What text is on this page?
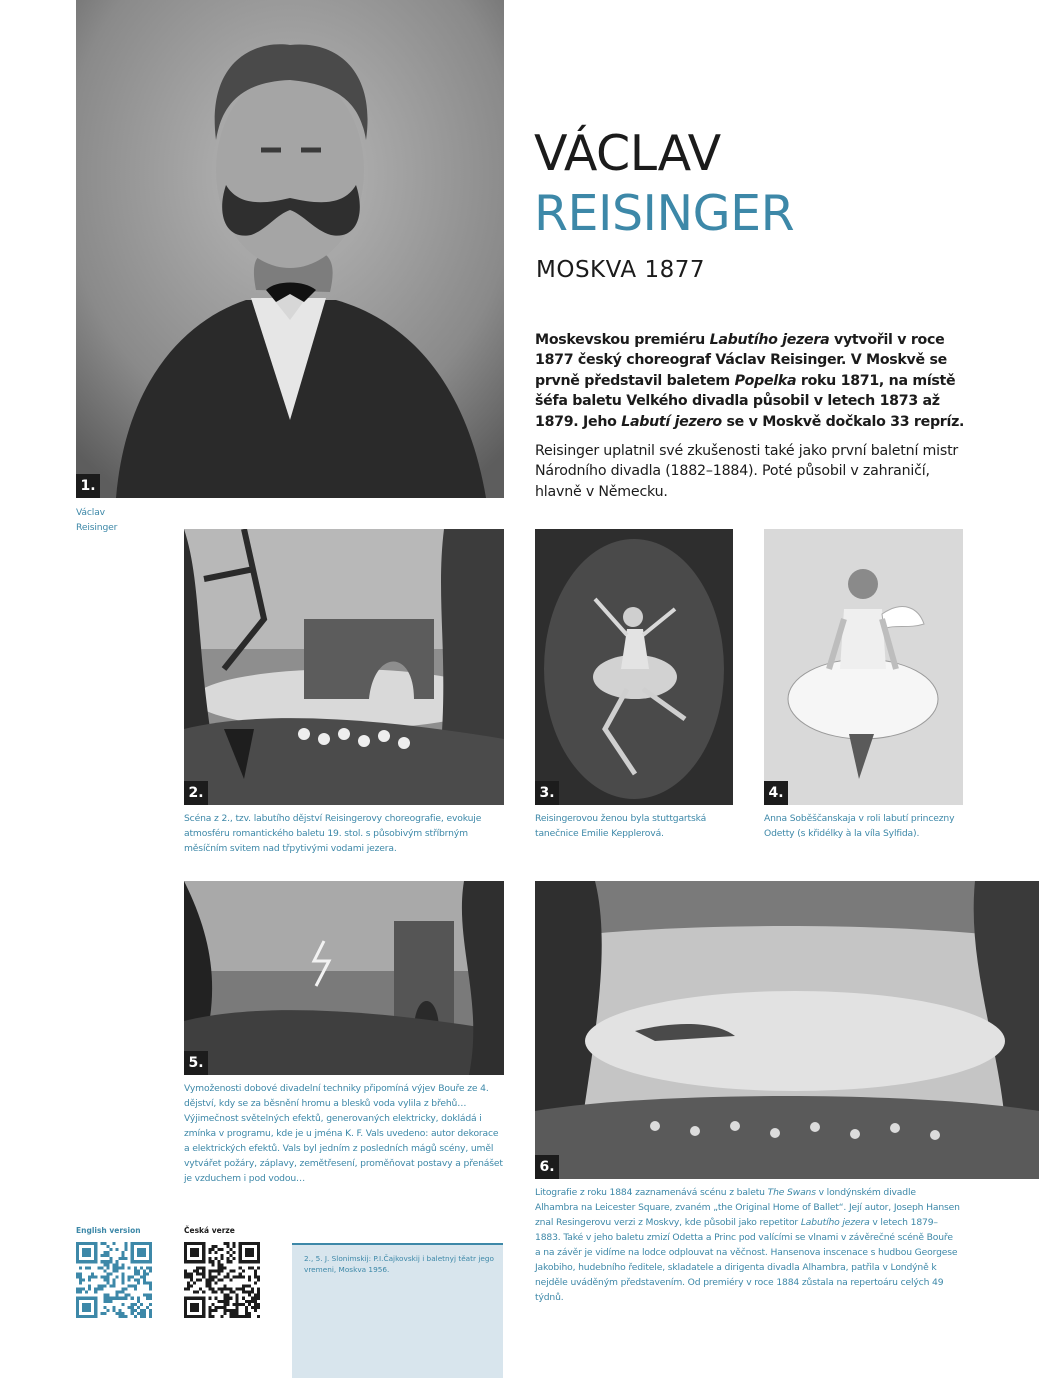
1.
2.	3.	4.
5.
6.
VÁCLAV
REISINGER
MOSKVA 1877
Moskevskou premiéru Labutího jezera vytvořil v roce 1877 český choreograf Václav Reisinger. V Moskvě se prvně představil baletem Popelka roku 1871, na místě šéfa baletu Velkého divadla působil v letech 1873 až 1879. Jeho Labutí jezero se v Moskvě dočkalo 33 repríz.
Reisinger uplatnil své zkušenosti také jako první baletní mistr Národního divadla (1882–1884). Poté působil v zahraničí, hlavně v Německu.
Václav
Reisinger
Scéna z 2., tzv. labutího dějství Reisingerovy choreografie, evokuje atmosféru romantického baletu 19. stol. s působivým stříbrným měsíčním svitem nad třpytivými vodami jezera.
Reisingerovou ženou byla stuttgartská tanečnice Emilie Kepplerová.
Anna Soběščanskaja v roli labutí princezny Odetty (s křidélky à la víla Sylfida).
Vymoženosti dobové divadelní techniky připomíná výjev Bouře ze 4. dějství, kdy se za běsnění hromu a blesků voda vylila z břehů… Výjimečnost světelných efektů, generovaných elektricky, dokládá i zmínka v programu, kde je u jména K. F. Vals uvedeno: autor dekorace a elektrických efektů. Vals byl jedním z posledních mágů scény, uměl vytvářet požáry, záplavy, zemětřesení, proměňovat postavy a přenášet je vzduchem i pod vodou…
Litografie z roku 1884 zaznamenává scénu z baletu The Swans v londýnském divadle Alhambra na Leicester Square, zvaném „the Original Home of Ballet“. Její autor, Joseph Hansen znal Resingerovu verzi z Moskvy, kde působil jako repetitor Labutího jezera v letech 1879–1883. Také v jeho baletu zmizí Odetta a Princ pod valícími se vlnami v závěrečné scéně Bouře a na závěr je vidíme na lodce odplouvat na věčnost. Hansenova inscenace s hudbou Georgese Jakobiho, hudebního ředitele, skladatele a dirigenta divadla Alhambra, patřila v Londýně k nejděle uváděným představením. Od premiéry v roce 1884 zůstala na repertoáru celých 49 týdnů.
English version	Česká verze
2., 5. J. Slonimskij: P.I.Čajkovskij i baletnyj těatr jego vremeni, Moskva 1956.
